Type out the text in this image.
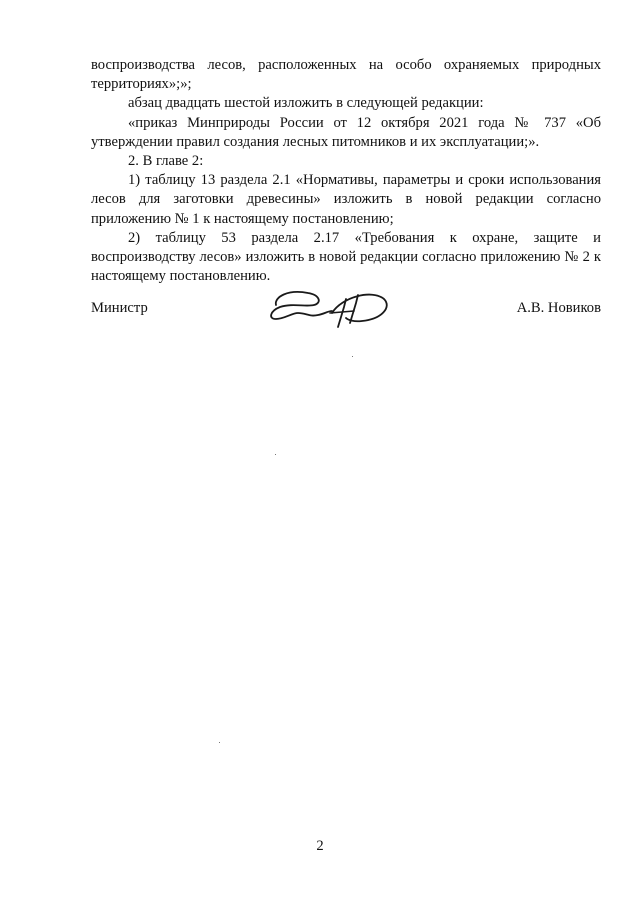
воспроизводства лесов, расположенных на особо охраняемых природных территориях»;»;

абзац двадцать шестой изложить в следующей редакции:

«приказ Минприроды России от 12 октября 2021 года № 737 «Об утверждении правил создания лесных питомников и их эксплуатации;».

2. В главе 2:

1) таблицу 13 раздела 2.1 «Нормативы, параметры и сроки использования лесов для заготовки древесины» изложить в новой редакции согласно приложению № 1 к настоящему постановлению;

2) таблицу 53 раздела 2.17 «Требования к охране, защите и воспроизводству лесов» изложить в новой редакции согласно приложению № 2 к настоящему постановлению.

Министр	А.В. Новиков
2
